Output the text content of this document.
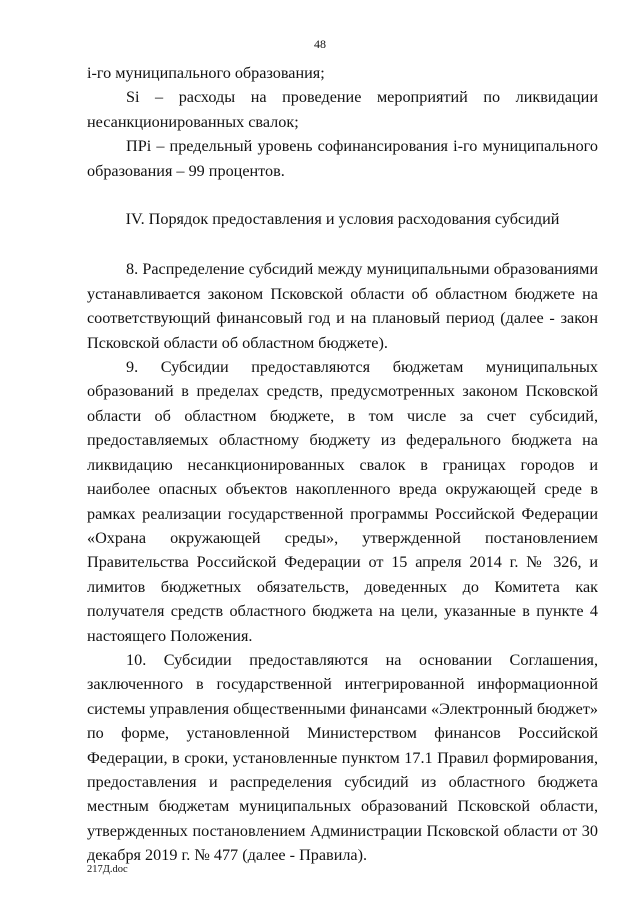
48

i-го муниципального образования;

Si – расходы на проведение мероприятий по ликвидации несанкционированных свалок;

ПРi – предельный уровень софинансирования i-го муниципального образования – 99 процентов.

IV. Порядок предоставления и условия расходования субсидий

8. Распределение субсидий между муниципальными образованиями устанавливается законом Псковской области об областном бюджете на соответствующий финансовый год и на плановый период (далее - закон Псковской области об областном бюджете).

9. Субсидии предоставляются бюджетам муниципальных образований в пределах средств, предусмотренных законом Псковской области об областном бюджете, в том числе за счет субсидий, предоставляемых областному бюджету из федерального бюджета на ликвидацию несанкционированных свалок в границах городов и наиболее опасных объектов накопленного вреда окружающей среде в рамках реализации государственной программы Российской Федерации «Охрана окружающей среды», утвержденной постановлением Правительства Российской Федерации от 15 апреля 2014 г. № 326, и лимитов бюджетных обязательств, доведенных до Комитета как получателя средств областного бюджета на цели, указанные в пункте 4 настоящего Положения.

10. Субсидии предоставляются на основании Соглашения, заключенного в государственной интегрированной информационной системы управления общественными финансами «Электронный бюджет» по форме, установленной Министерством финансов Российской Федерации, в сроки, установленные пунктом 17.1 Правил формирования, предоставления и распределения субсидий из областного бюджета местным бюджетам муниципальных образований Псковской области, утвержденных постановлением Администрации Псковской области от 30 декабря 2019 г. № 477 (далее - Правила).

217Д.doc
